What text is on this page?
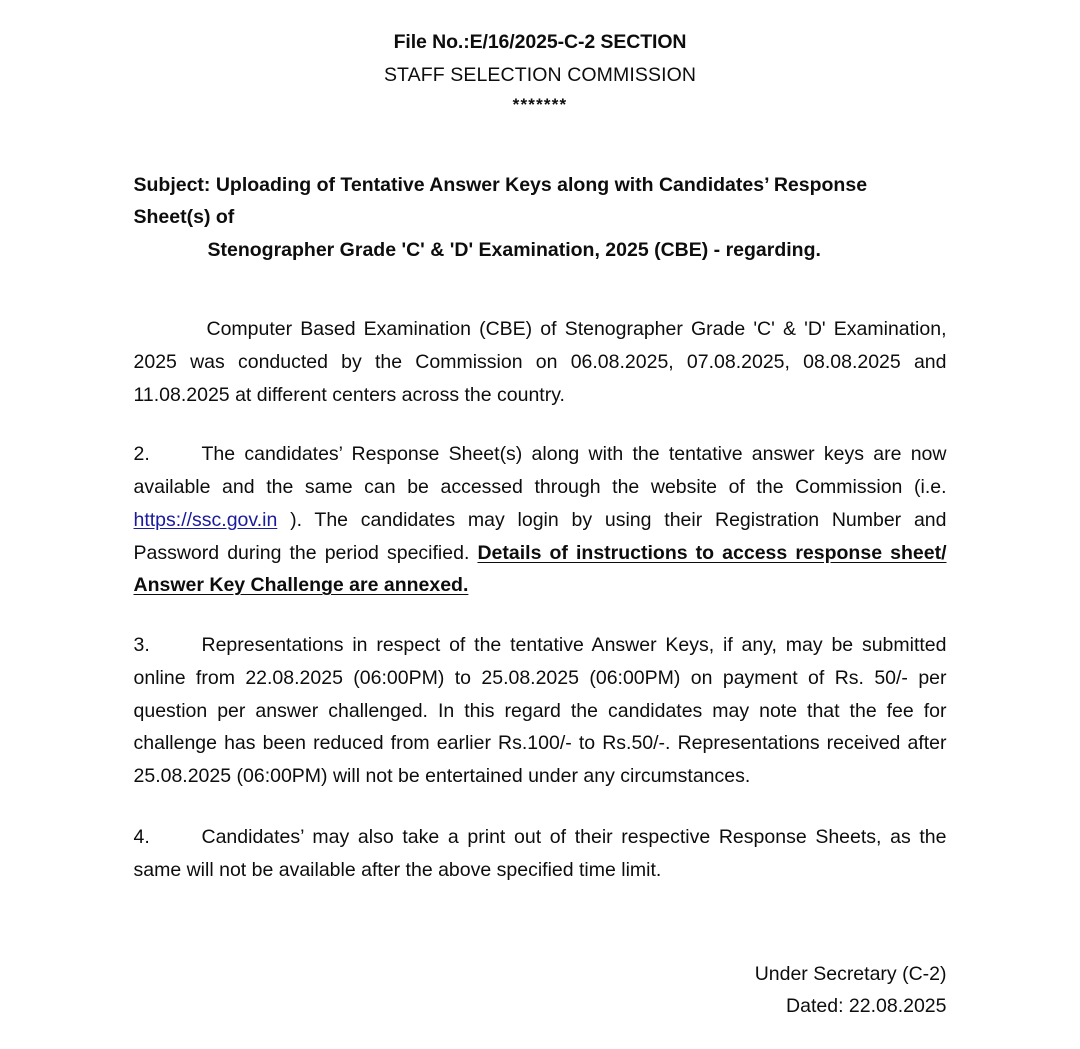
File No.:E/16/2025-C-2 SECTION
STAFF SELECTION COMMISSION
*******
Subject: Uploading of Tentative Answer Keys along with Candidates’ Response Sheet(s) of
Stenographer Grade 'C' & 'D' Examination, 2025 (CBE) - regarding.

Computer Based Examination (CBE) of Stenographer Grade 'C' & 'D' Examination, 2025 was conducted by the Commission on 06.08.2025, 07.08.2025, 08.08.2025 and 11.08.2025 at different centers across the country.

2.	The candidates’ Response Sheet(s) along with the tentative answer keys are now available and the same can be accessed through the website of the Commission (i.e. https://ssc.gov.in ). The candidates may login by using their Registration Number and Password during the period specified. Details of instructions to access response sheet/ Answer Key Challenge are annexed.

3.	Representations in respect of the tentative Answer Keys, if any, may be submitted online from 22.08.2025 (06:00PM) to 25.08.2025 (06:00PM) on payment of Rs. 50/- per question per answer challenged. In this regard the candidates may note that the fee for challenge has been reduced from earlier Rs.100/- to Rs.50/-. Representations received after 25.08.2025 (06:00PM) will not be entertained under any circumstances.

4.	Candidates’ may also take a print out of their respective Response Sheets, as the same will not be available after the above specified time limit.

Under Secretary (C-2)
Dated: 22.08.2025
